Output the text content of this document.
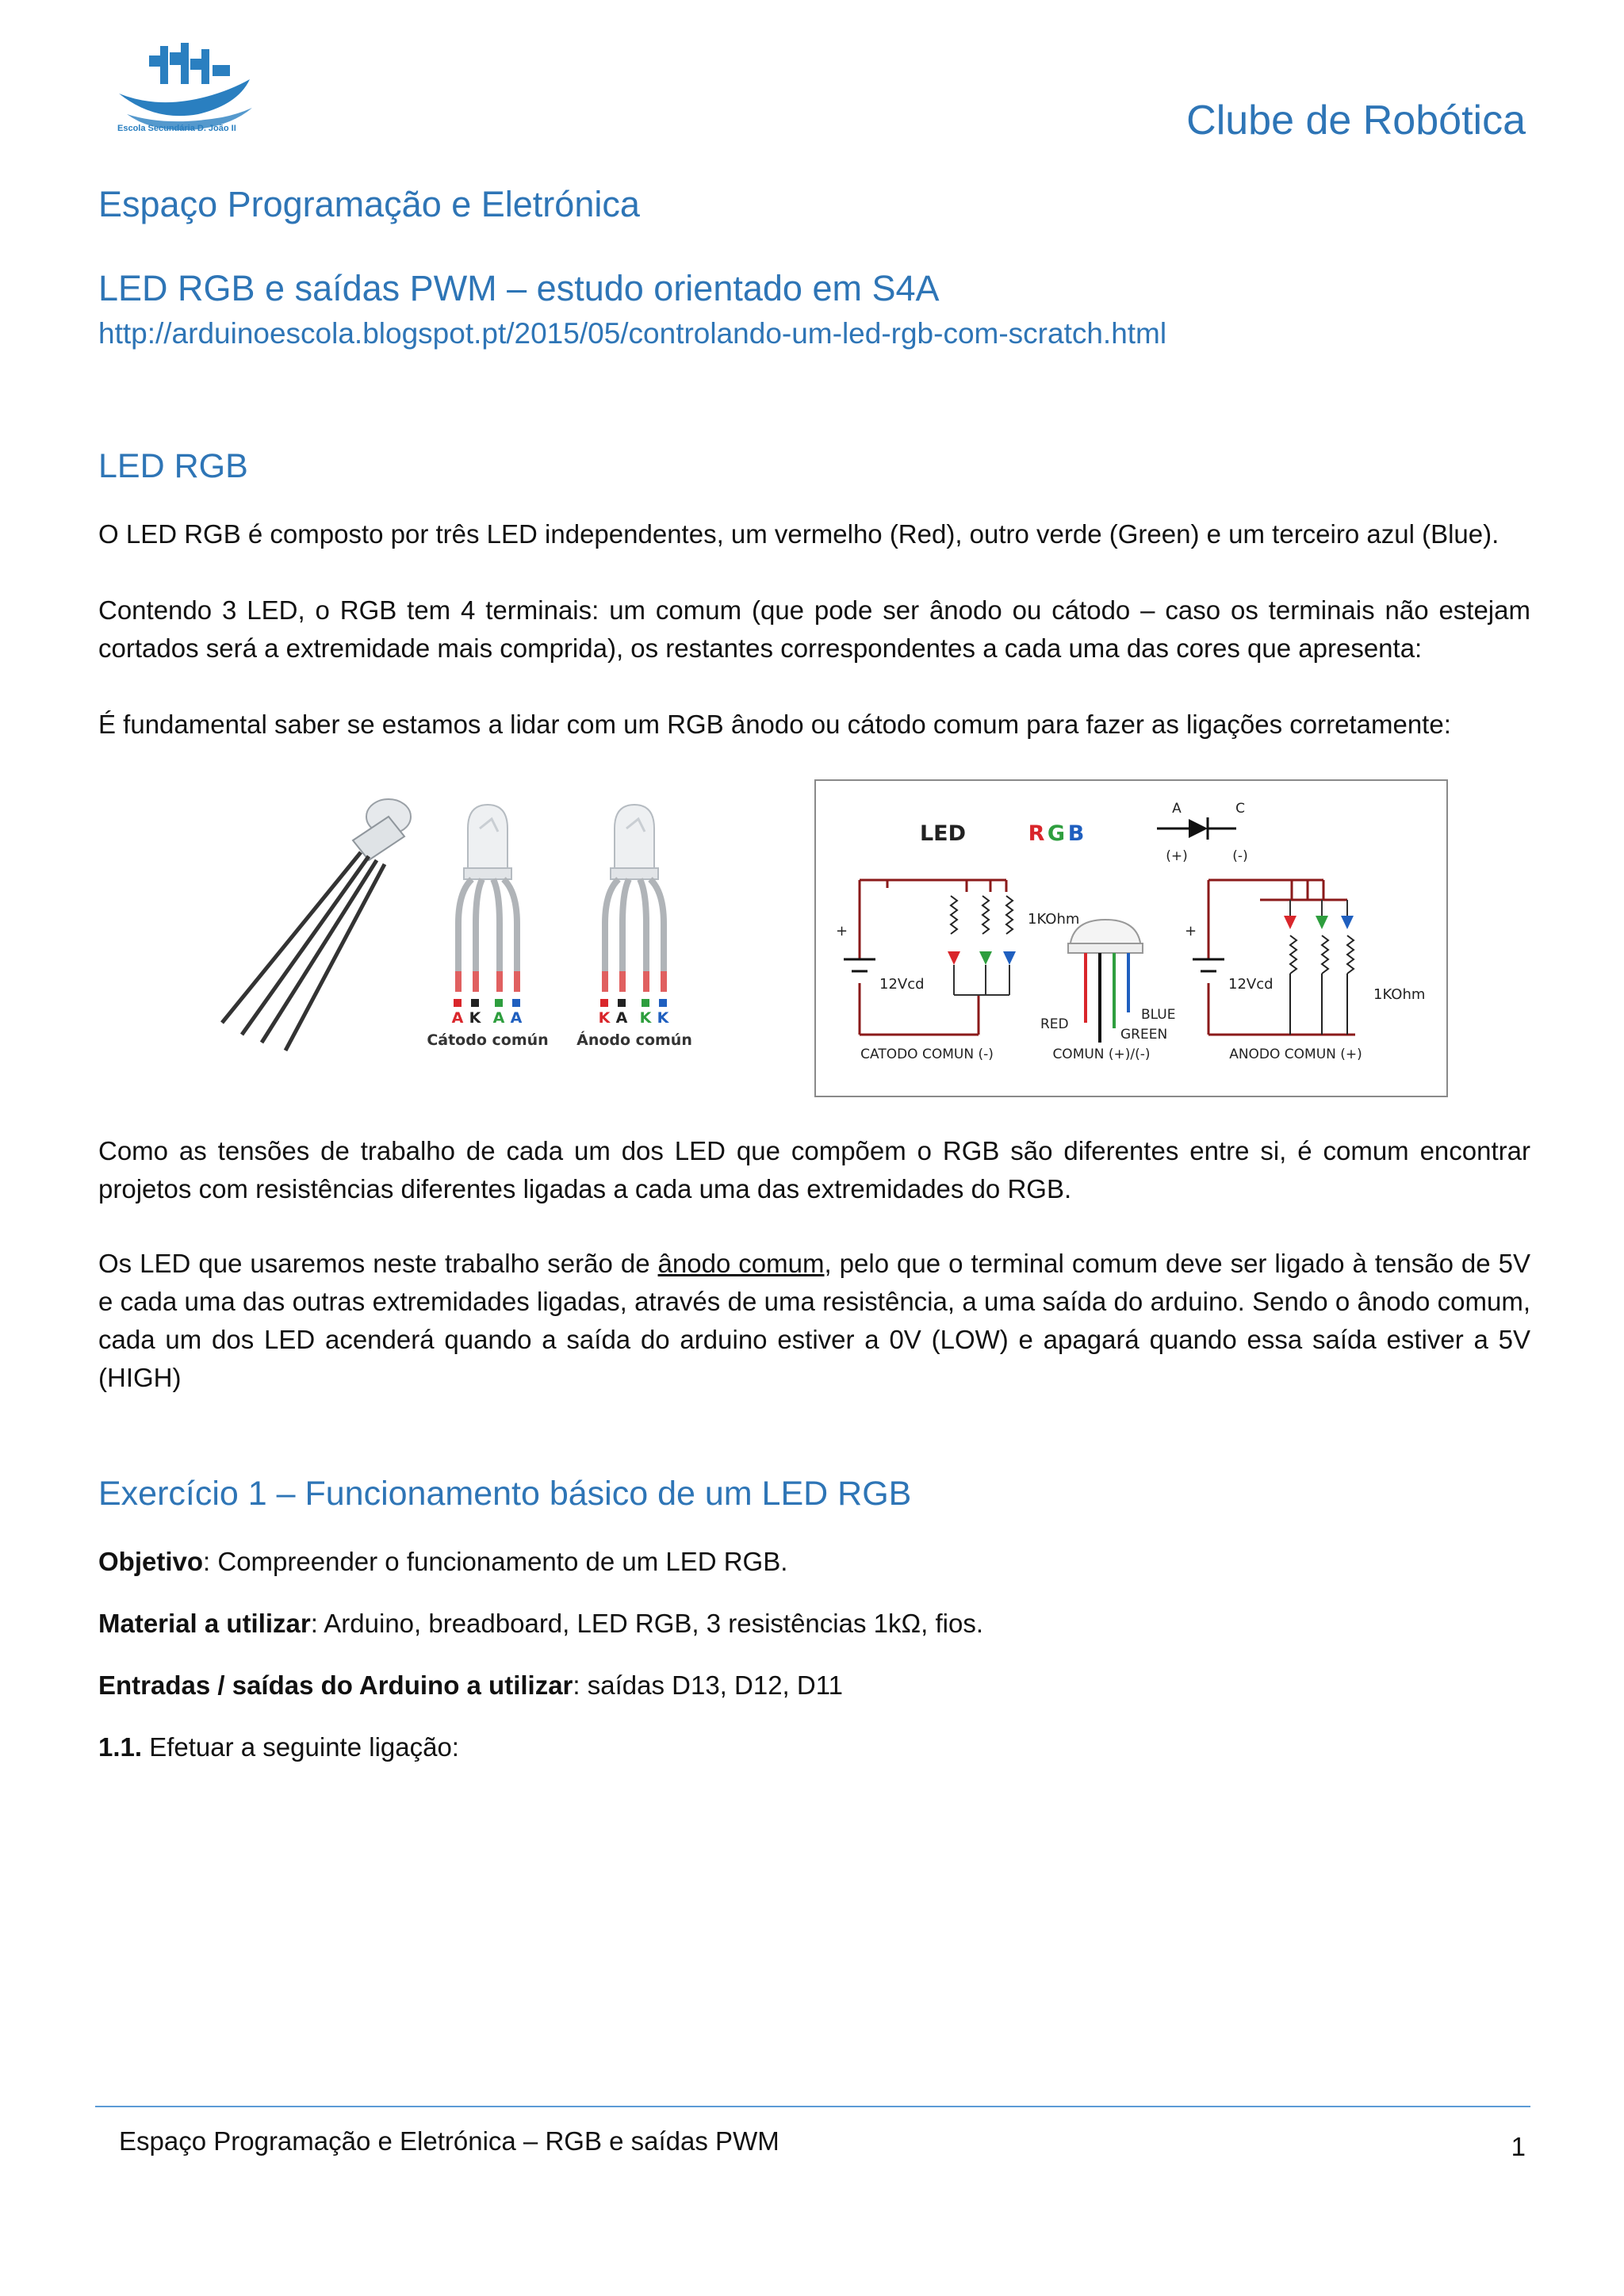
Escola Secundária D. João II	Clube de Robótica
Espaço Programação e Eletrónica
LED RGB e saídas PWM – estudo orientado em S4A
http://arduinoescola.blogspot.pt/2015/05/controlando-um-led-rgb-com-scratch.html
LED RGB
O LED RGB é composto por três LED independentes, um vermelho (Red), outro verde (Green) e um terceiro azul (Blue).
Contendo 3 LED, o RGB tem 4 terminais: um comum (que pode ser ânodo ou cátodo – caso os terminais não estejam cortados será a extremidade mais comprida), os restantes correspondentes a cada uma das cores que apresenta:
É fundamental saber se estamos a lidar com um RGB ânodo ou cátodo comum para fazer as ligações corretamente:
A K A A	K A K K
Cátodo común Ánodo común
LED	R G B
A	C
(+)	(-)
1KOhm
12Vcd
+
CATODO COMUN (-)
BLUE
RED
GREEN
COMUN (+)/(-)
12Vcd
1KOhm
+
ANODO COMUN (+)
Como as tensões de trabalho de cada um dos LED que compõem o RGB são diferentes entre si, é comum encontrar projetos com resistências diferentes ligadas a cada uma das extremidades do RGB.
Os LED que usaremos neste trabalho serão de ânodo comum, pelo que o terminal comum deve ser ligado à tensão de 5V e cada uma das outras extremidades ligadas, através de uma resistência, a uma saída do arduino. Sendo o ânodo comum, cada um dos LED acenderá quando a saída do arduino estiver a 0V (LOW) e apagará quando essa saída estiver a 5V (HIGH)
Exercício 1 – Funcionamento básico de um LED RGB
Objetivo: Compreender o funcionamento de um LED RGB.
Material a utilizar: Arduino, breadboard, LED RGB, 3 resistências 1kΩ, fios.
Entradas / saídas do Arduino a utilizar: saídas D13, D12, D11
1.1. Efetuar a seguinte ligação:
Espaço Programação e Eletrónica – RGB e saídas PWM	1
